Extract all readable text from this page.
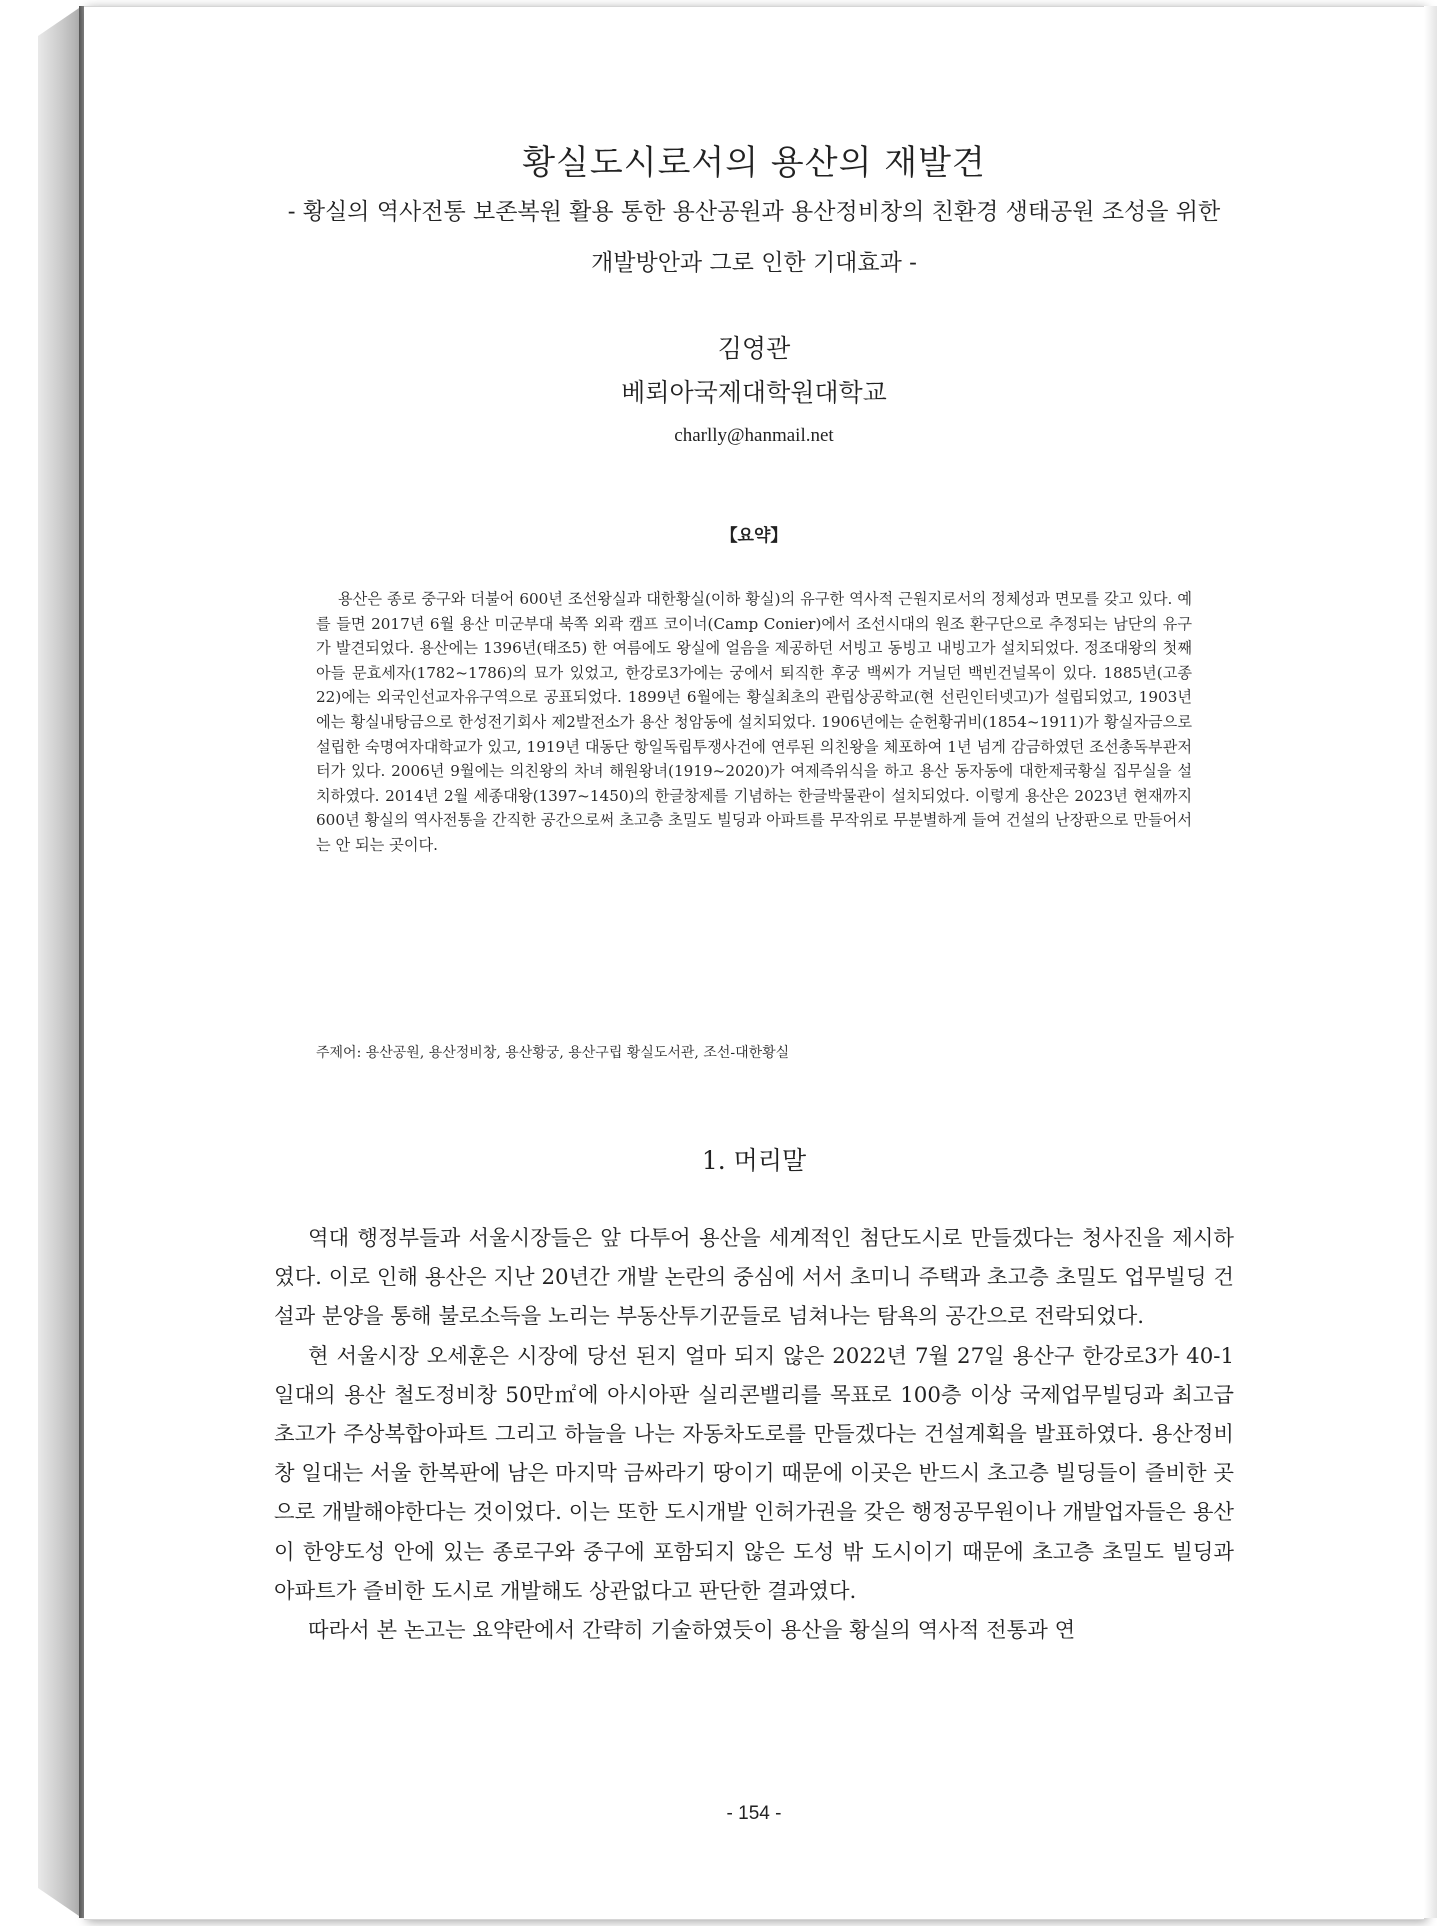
황실도시로서의 용산의 재발견
- 황실의 역사전통 보존복원 활용 통한 용산공원과 용산정비창의 친환경 생태공원 조성을 위한
개발방안과 그로 인한 기대효과 -
김영관
베뢰아국제대학원대학교
charlly@hanmail.net
【요약】

용산은 종로 중구와 더불어 600년 조선왕실과 대한황실(이하 황실)의 유구한 역사적 근원지로서의 정체성과 면모를 갖고 있다. 예를 들면 2017년 6월 용산 미군부대 북쪽 외곽 캠프 코이너(Camp Conier)에서 조선시대의 원조 환구단으로 추정되는 남단의 유구가 발견되었다. 용산에는 1396년(태조5) 한 여름에도 왕실에 얼음을 제공하던 서빙고 동빙고 내빙고가 설치되었다. 정조대왕의 첫째 아들 문효세자(1782~1786)의 묘가 있었고, 한강로3가에는 궁에서 퇴직한 후궁 백씨가 거닐던 백빈건널목이 있다. 1885년(고종22)에는 외국인선교자유구역으로 공표되었다. 1899년 6월에는 황실최초의 관립상공학교(현 선린인터넷고)가 설립되었고, 1903년에는 황실내탕금으로 한성전기회사 제2발전소가 용산 청암동에 설치되었다. 1906년에는 순헌황귀비(1854~1911)가 황실자금으로 설립한 숙명여자대학교가 있고, 1919년 대동단 항일독립투쟁사건에 연루된 의친왕을 체포하여 1년 넘게 감금하였던 조선총독부관저 터가 있다. 2006년 9월에는 의친왕의 차녀 해원왕녀(1919~2020)가 여제즉위식을 하고 용산 동자동에 대한제국황실 집무실을 설치하였다. 2014년 2월 세종대왕(1397~1450)의 한글창제를 기념하는 한글박물관이 설치되었다. 이렇게 용산은 2023년 현재까지 600년 황실의 역사전통을 간직한 공간으로써 초고층 초밀도 빌딩과 아파트를 무작위로 무분별하게 들여 건설의 난장판으로 만들어서는 안 되는 곳이다.

주제어: 용산공원, 용산정비창, 용산황궁, 용산구립 황실도서관, 조선-대한황실

1. 머리말

역대 행정부들과 서울시장들은 앞 다투어 용산을 세계적인 첨단도시로 만들겠다는 청사진을 제시하였다. 이로 인해 용산은 지난 20년간 개발 논란의 중심에 서서 초미니 주택과 초고층 초밀도 업무빌딩 건설과 분양을 통해 불로소득을 노리는 부동산투기꾼들로 넘쳐나는 탐욕의 공간으로 전락되었다.

현 서울시장 오세훈은 시장에 당선 된지 얼마 되지 않은 2022년 7월 27일 용산구 한강로3가 40-1일대의 용산 철도정비창 50만㎡에 아시아판 실리콘밸리를 목표로 100층 이상 국제업무빌딩과 최고급 초고가 주상복합아파트 그리고 하늘을 나는 자동차도로를 만들겠다는 건설계획을 발표하였다. 용산정비창 일대는 서울 한복판에 남은 마지막 금싸라기 땅이기 때문에 이곳은 반드시 초고층 빌딩들이 즐비한 곳으로 개발해야한다는 것이었다. 이는 또한 도시개발 인허가권을 갖은 행정공무원이나 개발업자들은 용산이 한양도성 안에 있는 종로구와 중구에 포함되지 않은 도성 밖 도시이기 때문에 초고층 초밀도 빌딩과 아파트가 즐비한 도시로 개발해도 상관없다고 판단한 결과였다.

따라서 본 논고는 요약란에서 간략히 기술하였듯이 용산을 황실의 역사적 전통과 연

- 154 -
